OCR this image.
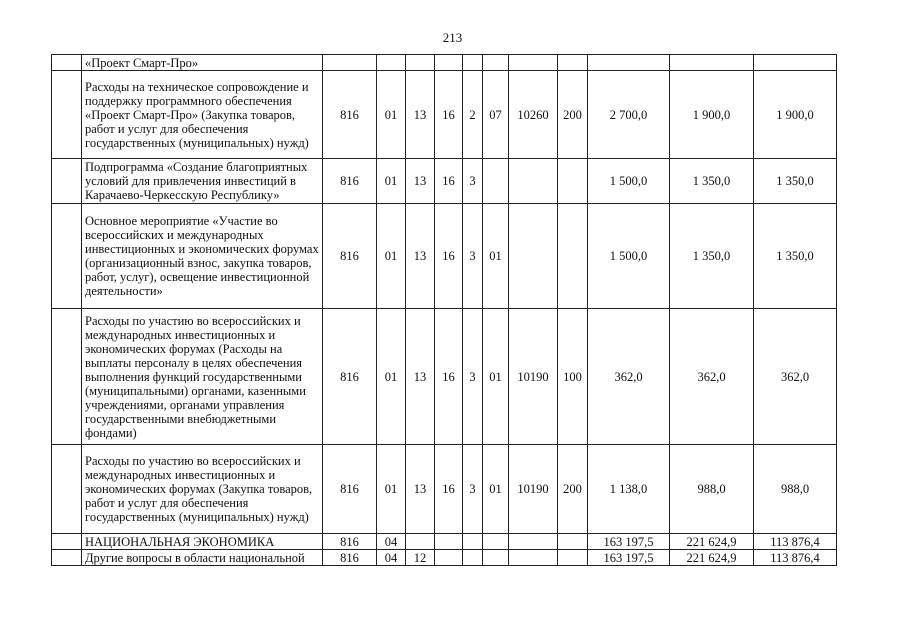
213
	«Проект Смарт-Про»											
	Расходы на техническое сопровождение и поддержку программного обеспечения «Проект Смарт-Про» (Закупка товаров, работ и услуг для обеспечения государственных (муниципальных) нужд)	816	01	13	16	2	07	10260	200	2 700,0	1 900,0	1 900,0
	Подпрограмма «Создание благоприятных условий для привлечения инвестиций в Карачаево-Черкесскую Республику»	816	01	13	16	3				1 500,0	1 350,0	1 350,0
	Основное мероприятие «Участие во всероссийских и международных инвестиционных и экономических форумах (организационный взнос, закупка товаров, работ, услуг), освещение инвестиционной деятельности»	816	01	13	16	3	01			1 500,0	1 350,0	1 350,0
	Расходы по участию во всероссийских и международных инвестиционных и экономических форумах (Расходы на выплаты персоналу в целях обеспечения выполнения функций государственными (муниципальными) органами, казенными учреждениями, органами управления государственными внебюджетными фондами)	816	01	13	16	3	01	10190	100	362,0	362,0	362,0
	Расходы по участию во всероссийских и международных инвестиционных и экономических форумах (Закупка товаров, работ и услуг для обеспечения государственных (муниципальных) нужд)	816	01	13	16	3	01	10190	200	1 138,0	988,0	988,0
	НАЦИОНАЛЬНАЯ ЭКОНОМИКА	816	04							163 197,5	221 624,9	113 876,4
	Другие вопросы в области национальной	816	04	12						163 197,5	221 624,9	113 876,4
